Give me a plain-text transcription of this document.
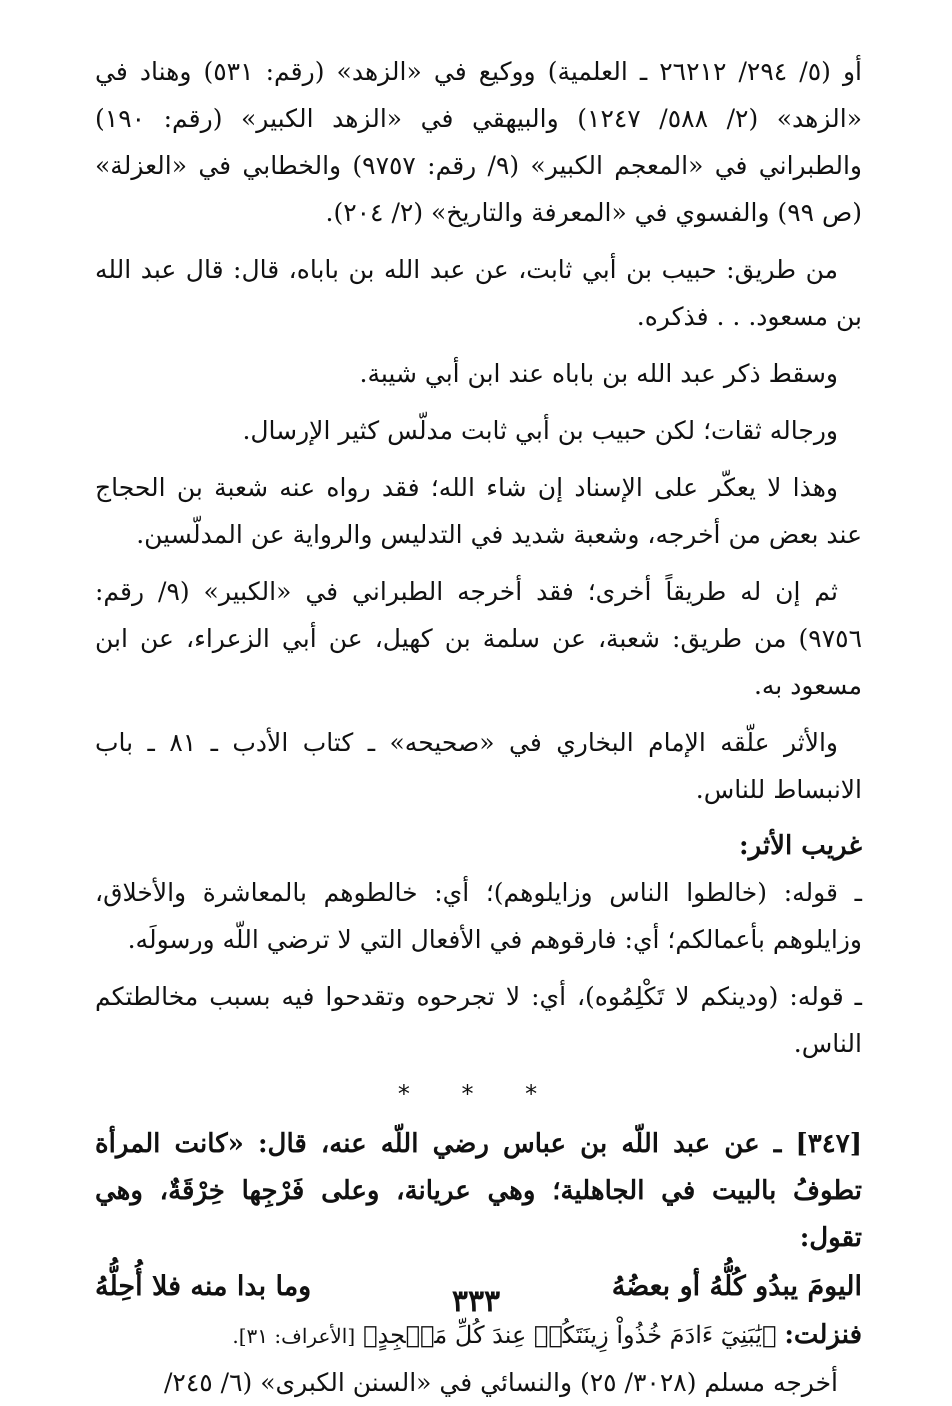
أو (٥/ ٢٩٤/ ٢٦٢١٢ ـ العلمية) ووكيع في «الزهد» (رقم: ٥٣١) وهناد في «الزهد» (٢/ ٥٨٨/ ١٢٤٧) والبيهقي في «الزهد الكبير» (رقم: ١٩٠) والطبراني في «المعجم الكبير» (٩/ رقم: ٩٧٥٧) والخطابي في «العزلة» (ص ٩٩) والفسوي في «المعرفة والتاريخ» (٢/ ٢٠٤).

من طريق: حبيب بن أبي ثابت، عن عبد الله بن باباه، قال: قال عبد الله بن مسعود. . . فذكره.

وسقط ذكر عبد الله بن باباه عند ابن أبي شيبة.

ورجاله ثقات؛ لكن حبيب بن أبي ثابت مدلّس كثير الإرسال.

وهذا لا يعكّر على الإسناد إن شاء الله؛ فقد رواه عنه شعبة بن الحجاج عند بعض من أخرجه، وشعبة شديد في التدليس والرواية عن المدلّسين.

ثم إن له طريقاً أخرى؛ فقد أخرجه الطبراني في «الكبير» (٩/ رقم: ٩٧٥٦) من طريق: شعبة، عن سلمة بن كهيل، عن أبي الزعراء، عن ابن مسعود به.

والأثر علّقه الإمام البخاري في «صحيحه» ـ كتاب الأدب ـ ٨١ ـ باب الانبساط للناس.

غريب الأثر:

ـ قوله: (خالطوا الناس وزايلوهم)؛ أي: خالطوهم بالمعاشرة والأخلاق، وزايلوهم بأعمالكم؛ أي: فارقوهم في الأفعال التي لا ترضي اللّه ورسولَه.

ـ قوله: (ودينكم لا تَكْلِمُوه)، أي: لا تجرحوه وتقدحوا فيه بسبب مخالطتكم الناس.

* * *

[٣٤٧] ـ عن عبد اللّه بن عباس رضي اللّه عنه، قال: «كانت المرأة تطوفُ بالبيت في الجاهلية؛ وهي عريانة، وعلى فَرْجِها خِرْقَةٌ، وهي تقول:

اليومَ يبدُو كُلُّهُ أو بعضُهُ
وما بدا منه فلا أُحِلُّهُ

فنزلت: ﴿يَٰبَنِيٓ ءَادَمَ خُذُواْ زِينَتَكُمۡ عِندَ كُلِّ مَسۡجِدٍ﴾ [الأعراف: ٣١].

أخرجه مسلم (٣٠٢٨/ ٢٥) والنسائي في «السنن الكبرى» (٦/ ٢٤٥/

٣٣٣
